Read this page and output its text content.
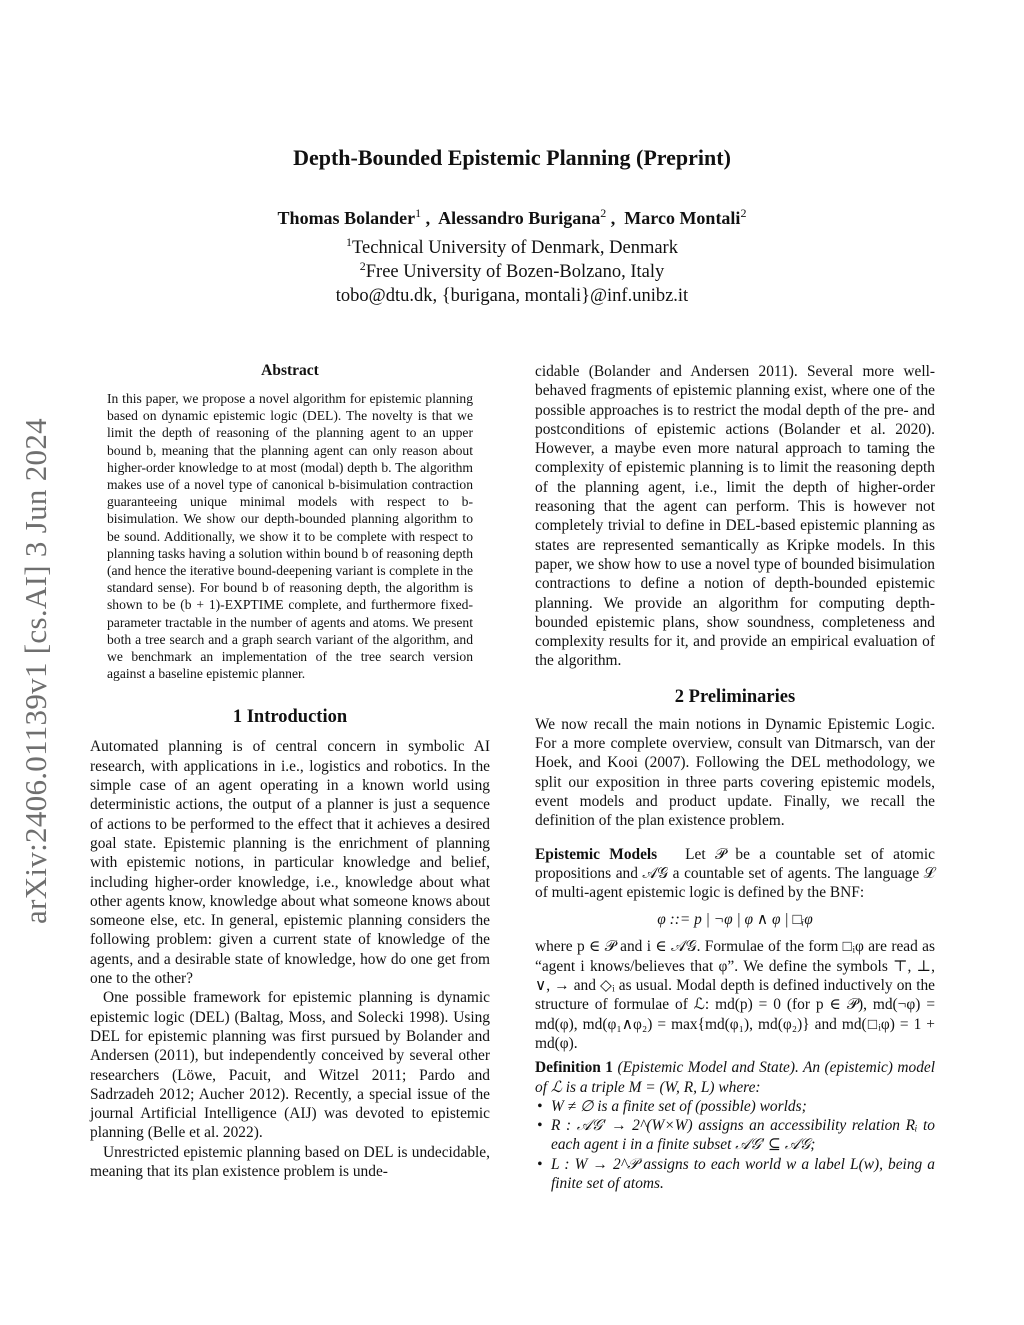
arXiv:2406.01139v1 [cs.AI] 3 Jun 2024
Depth-Bounded Epistemic Planning (Preprint)
Thomas Bolander$^1$ ,  Alessandro Burigana$^2$ ,  Marco Montali$^2$
$^1$Technical University of Denmark, Denmark
$^2$Free University of Bozen-Bolzano, Italy
tobo@dtu.dk, {burigana, montali}@inf.unibz.it
Abstract

In this paper, we propose a novel algorithm for epistemic planning based on dynamic epistemic logic (DEL). The novelty is that we limit the depth of reasoning of the planning agent to an upper bound b, meaning that the planning agent can only reason about higher-order knowledge to at most (modal) depth b. The algorithm makes use of a novel type of canonical b-bisimulation contraction guaranteeing unique minimal models with respect to b-bisimulation. We show our depth-bounded planning algorithm to be sound. Additionally, we show it to be complete with respect to planning tasks having a solution within bound b of reasoning depth (and hence the iterative bound-deepening variant is complete in the standard sense). For bound b of reasoning depth, the algorithm is shown to be (b + 1)-EXPTIME complete, and furthermore fixed-parameter tractable in the number of agents and atoms. We present both a tree search and a graph search variant of the algorithm, and we benchmark an implementation of the tree search version against a baseline epistemic planner.

1 Introduction

Automated planning is of central concern in symbolic AI research, with applications in i.e., logistics and robotics. In the simple case of an agent operating in a known world using deterministic actions, the output of a planner is just a sequence of actions to be performed to the effect that it achieves a desired goal state. Epistemic planning is the enrichment of planning with epistemic notions, in particular knowledge and belief, including higher-order knowledge, i.e., knowledge about what other agents know, knowledge about what someone knows about someone else, etc. In general, epistemic planning considers the following problem: given a current state of knowledge of the agents, and a desirable state of knowledge, how do one get from one to the other?

One possible framework for epistemic planning is dynamic epistemic logic (DEL) (Baltag, Moss, and Solecki 1998). Using DEL for epistemic planning was first pursued by Bolander and Andersen (2011), but independently conceived by several other researchers (Löwe, Pacuit, and Witzel 2011; Pardo and Sadrzadeh 2012; Aucher 2012). Recently, a special issue of the journal Artificial Intelligence (AIJ) was devoted to epistemic planning (Belle et al. 2022).

Unrestricted epistemic planning based on DEL is undecidable, meaning that its plan existence problem is unde-

cidable (Bolander and Andersen 2011). Several more well-behaved fragments of epistemic planning exist, where one of the possible approaches is to restrict the modal depth of the pre- and postconditions of epistemic actions (Bolander et al. 2020). However, a maybe even more natural approach to taming the complexity of epistemic planning is to limit the reasoning depth of the planning agent, i.e., limit the depth of higher-order reasoning that the agent can perform. This is however not completely trivial to define in DEL-based epistemic planning as states are represented semantically as Kripke models. In this paper, we show how to use a novel type of bounded bisimulation contractions to define a notion of depth-bounded epistemic planning. We provide an algorithm for computing depth-bounded epistemic plans, show soundness, completeness and complexity results for it, and provide an empirical evaluation of the algorithm.

2 Preliminaries

We now recall the main notions in Dynamic Epistemic Logic. For a more complete overview, consult van Ditmarsch, van der Hoek, and Kooi (2007). Following the DEL methodology, we split our exposition in three parts covering epistemic models, event models and product update. Finally, we recall the definition of the plan existence problem.

Epistemic Models Let 𝒫 be a countable set of atomic propositions and 𝒜𝒢 a countable set of agents. The language ℒ of multi-agent epistemic logic is defined by the BNF:

φ ::= p | ¬φ | φ ∧ φ | □ᵢφ

where p ∈ 𝒫 and i ∈ 𝒜𝒢. Formulae of the form □ᵢφ are read as “agent i knows/believes that φ”. We define the symbols ⊤, ⊥, ∨, → and ◇ᵢ as usual. Modal depth is defined inductively on the structure of formulae of ℒ: md(p) = 0 (for p ∈ 𝒫), md(¬φ) = md(φ), md(φ₁∧φ₂) = max{md(φ₁), md(φ₂)} and md(□ᵢφ) = 1 + md(φ).

Definition 1 (Epistemic Model and State). An (epistemic) model of ℒ is a triple M = (W, R, L) where:

• W ≠ ∅ is a finite set of (possible) worlds;
• R : 𝒜𝒢′ → 2^(W×W) assigns an accessibility relation Rᵢ to each agent i in a finite subset 𝒜𝒢′ ⊆ 𝒜𝒢;
• L : W → 2^𝒫 assigns to each world w a label L(w), being a finite set of atoms.
